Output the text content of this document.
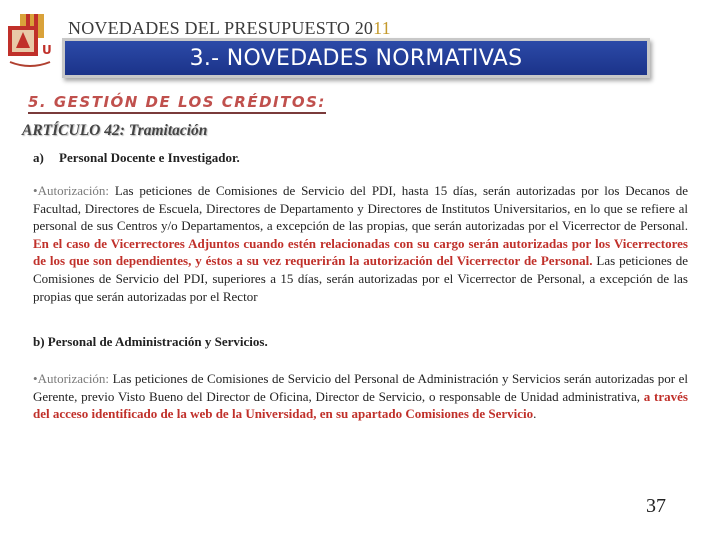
U
NOVEDADES DEL PRESUPUESTO 2011
3.- NOVEDADES NORMATIVAS
5. GESTIÓN DE LOS CRÉDITOS:
ARTÍCULO 42: Tramitación
a) Personal Docente e Investigador.
•Autorización: Las peticiones de Comisiones de Servicio del PDI, hasta 15 días, serán autorizadas por los Decanos de Facultad, Directores de Escuela, Directores de Departamento y Directores de Institutos Universitarios, en lo que se refiere al personal de sus Centros y/o Departamentos, a excepción de las propias, que serán autorizadas por el Vicerrector de Personal. En el caso de Vicerrectores Adjuntos cuando estén relacionadas con su cargo serán autorizadas por los Vicerrectores de los que son dependientes, y éstos a su vez requerirán la autorización del Vicerrector de Personal. Las peticiones de Comisiones de Servicio del PDI, superiores a 15 días, serán autorizadas por el Vicerrector de Personal, a excepción de las propias que serán autorizadas por el Rector
b) Personal de Administración y Servicios.
•Autorización: Las peticiones de Comisiones de Servicio del Personal de Administración y Servicios serán autorizadas por el Gerente, previo Visto Bueno del Director de Oficina, Director de Servicio, o responsable de Unidad administrativa, a través del acceso identificado de la web de la Universidad, en su apartado Comisiones de Servicio.
37
